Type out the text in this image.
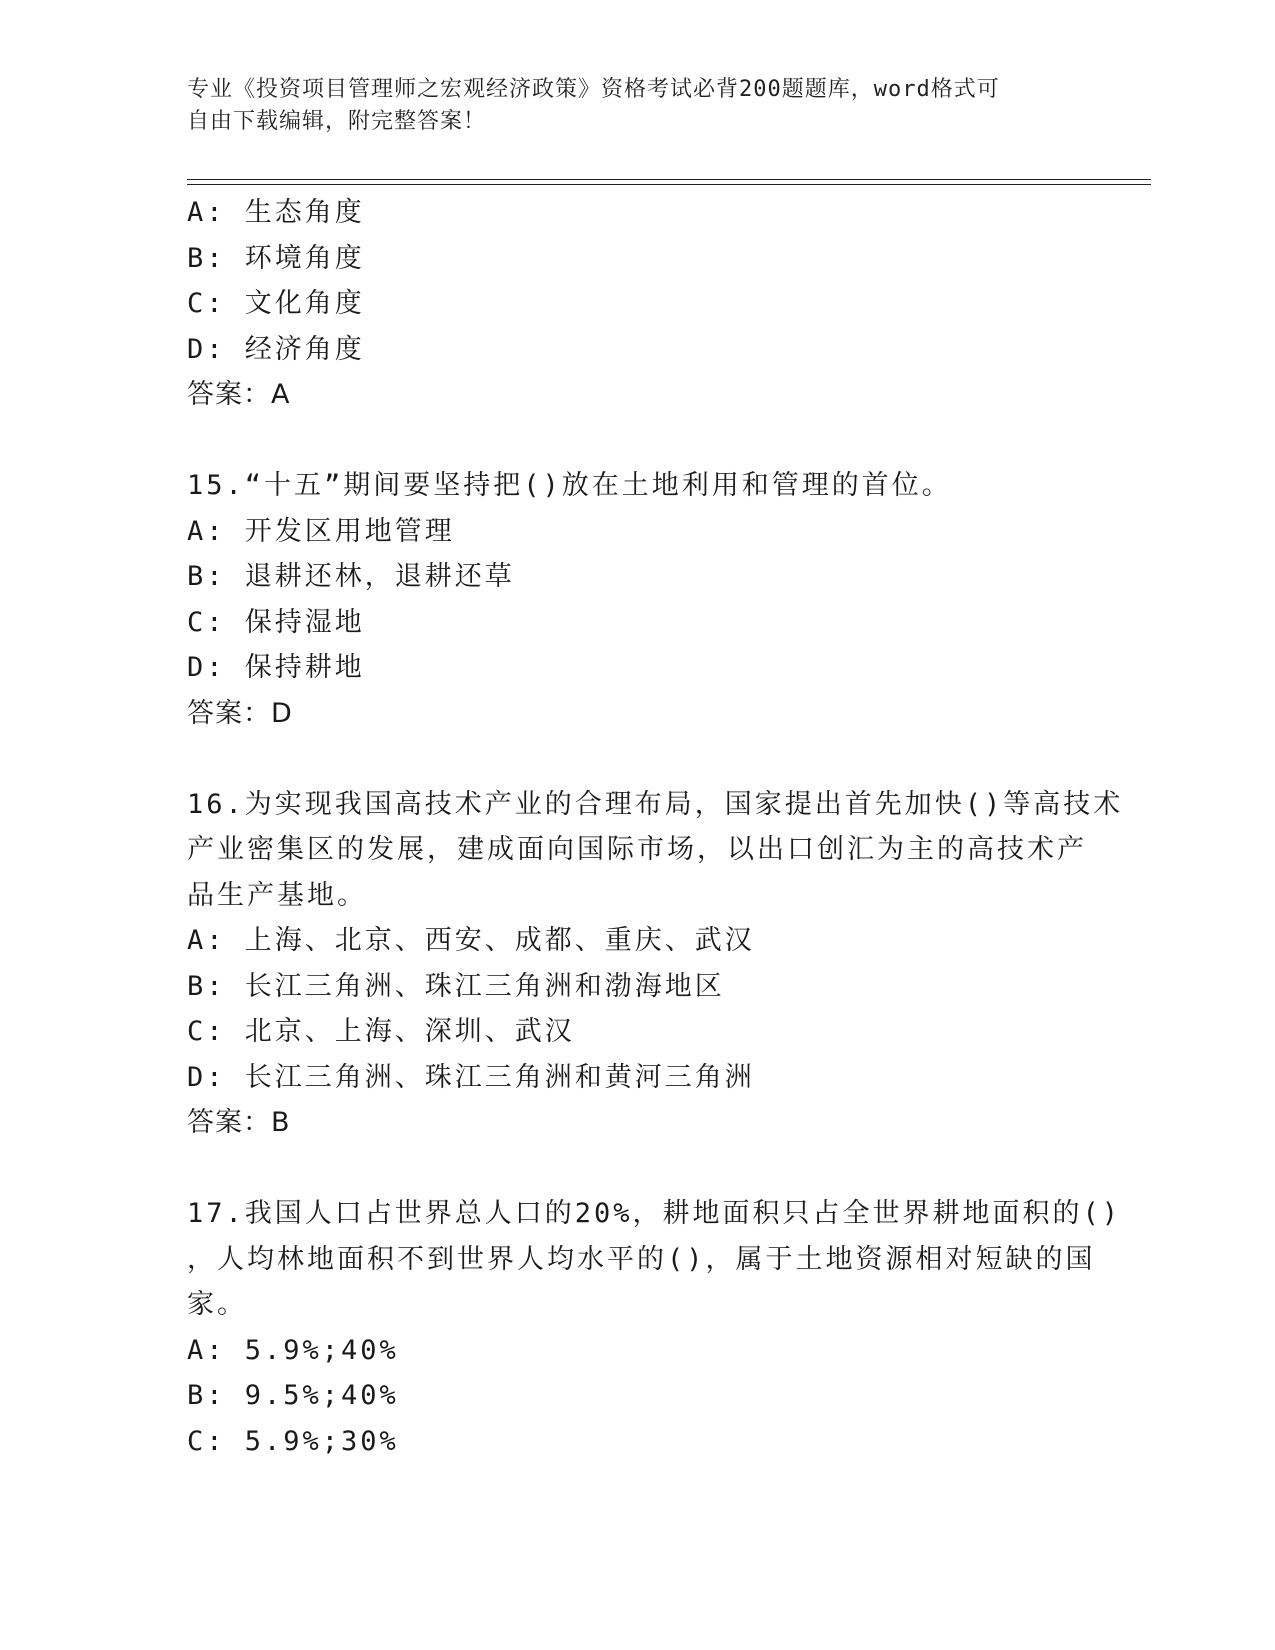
专业《投资项目管理师之宏观经济政策》资格考试必背200题题库，word格式可
自由下载编辑，附完整答案！
A: 生态角度
B: 环境角度
C: 文化角度
D: 经济角度
答案：A
15.“十五”期间要坚持把()放在土地利用和管理的首位。
A: 开发区用地管理
B: 退耕还林，退耕还草
C: 保持湿地
D: 保持耕地
答案：D
16.为实现我国高技术产业的合理布局，国家提出首先加快()等高技术
产业密集区的发展，建成面向国际市场，以出口创汇为主的高技术产
品生产基地。
A: 上海、北京、西安、成都、重庆、武汉
B: 长江三角洲、珠江三角洲和渤海地区
C: 北京、上海、深圳、武汉
D: 长江三角洲、珠江三角洲和黄河三角洲
答案：B
17.我国人口占世界总人口的20%，耕地面积只占全世界耕地面积的()
，人均林地面积不到世界人均水平的()，属于土地资源相对短缺的国
家。
A: 5.9%;40%
B: 9.5%;40%
C: 5.9%;30%
